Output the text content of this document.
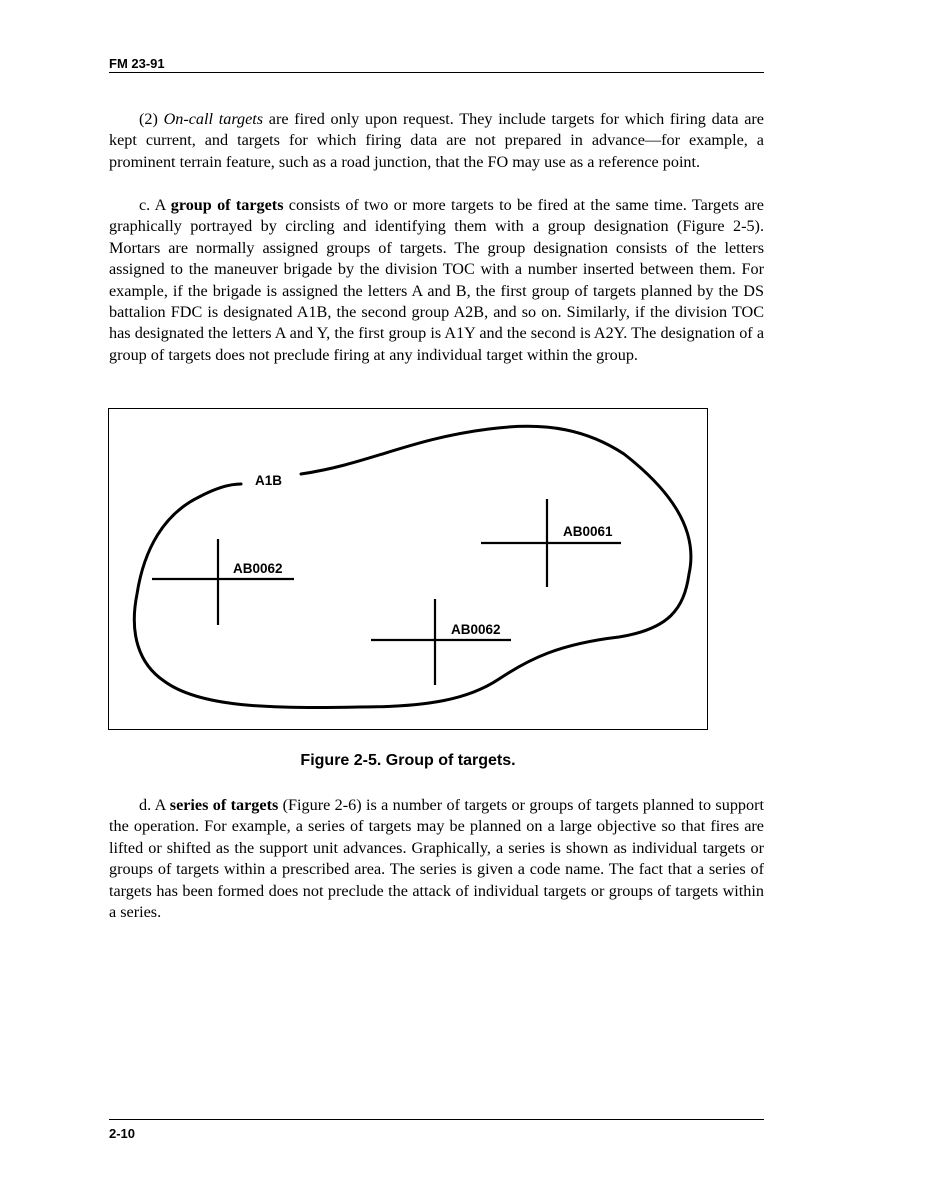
FM 23-91

(2) On-call targets are fired only upon request. They include targets for which firing data are kept current, and targets for which firing data are not prepared in advance—for example, a prominent terrain feature, such as a road junction, that the FO may use as a reference point.

c. A group of targets consists of two or more targets to be fired at the same time. Targets are graphically portrayed by circling and identifying them with a group designation (Figure 2-5). Mortars are normally assigned groups of targets. The group designation consists of the letters assigned to the maneuver brigade by the division TOC with a number inserted between them. For example, if the brigade is assigned the letters A and B, the first group of targets planned by the DS battalion FDC is designated A1B, the second group A2B, and so on. Similarly, if the division TOC has designated the letters A and Y, the first group is A1Y and the second is A2Y. The designation of a group of targets does not preclude firing at any individual target within the group.

A1B
AB0061
AB0062
AB0062
Figure 2-5. Group of targets.

d. A series of targets (Figure 2-6) is a number of targets or groups of targets planned to support the operation. For example, a series of targets may be planned on a large objective so that fires are lifted or shifted as the support unit advances. Graphically, a series is shown as individual targets or groups of targets within a prescribed area. The series is given a code name. The fact that a series of targets has been formed does not preclude the attack of individual targets or groups of targets within a series.

2-10
